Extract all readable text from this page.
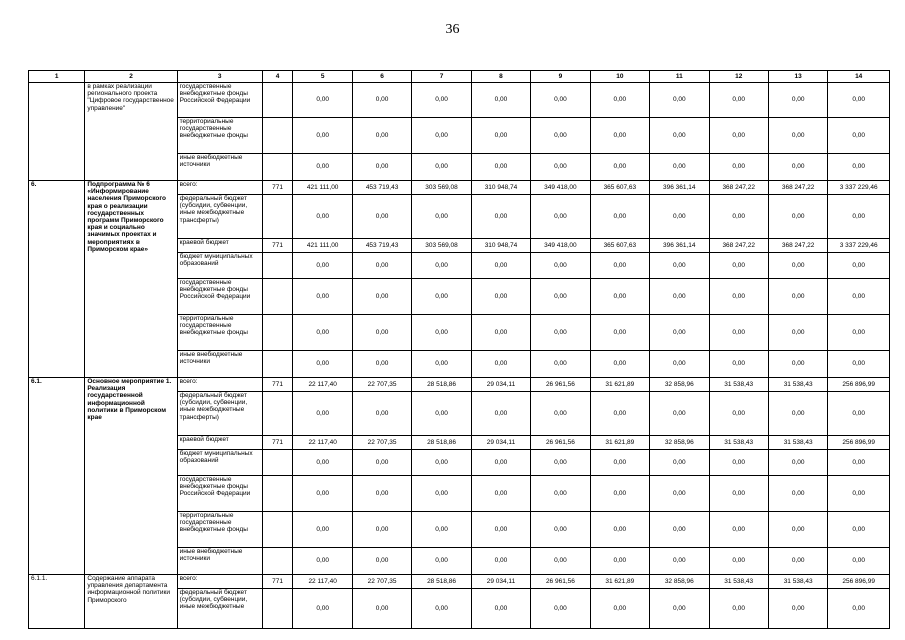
36
1	2	3	4	5	6	7	8	9	10	11	12	13	14
	в рамках реализации регионального проекта "Цифровое государственное управление"	государственные внебюджетные фонды Российской Федерации		0,00	0,00	0,00	0,00	0,00	0,00	0,00	0,00	0,00	0,00
		территориальные государственные внебюджетные фонды		0,00	0,00	0,00	0,00	0,00	0,00	0,00	0,00	0,00	0,00
		иные внебюджетные источники		0,00	0,00	0,00	0,00	0,00	0,00	0,00	0,00	0,00	0,00
6.	Подпрограмма № 6 «Информирование населения Приморского края о реализации государственных программ Приморского края и социально значимых проектах и мероприятиях в Приморском крае»	всего:	771	421 111,00	453 719,43	303 569,08	310 948,74	349 418,00	365 607,63	396 361,14	368 247,22	368 247,22	3 337 229,46
		федеральный бюджет (субсидии, субвенции, иные межбюджетные трансферты)		0,00	0,00	0,00	0,00	0,00	0,00	0,00	0,00	0,00	0,00
		краевой бюджет	771	421 111,00	453 719,43	303 569,08	310 948,74	349 418,00	365 607,63	396 361,14	368 247,22	368 247,22	3 337 229,46
		бюджет муниципальных образований		0,00	0,00	0,00	0,00	0,00	0,00	0,00	0,00	0,00	0,00
		государственные внебюджетные фонды Российской Федерации		0,00	0,00	0,00	0,00	0,00	0,00	0,00	0,00	0,00	0,00
		территориальные государственные внебюджетные фонды		0,00	0,00	0,00	0,00	0,00	0,00	0,00	0,00	0,00	0,00
		иные внебюджетные источники		0,00	0,00	0,00	0,00	0,00	0,00	0,00	0,00	0,00	0,00
6.1.	Основное мероприятие 1. Реализация государственной информационной политики в Приморском крае	всего:	771	22 117,40	22 707,35	28 518,86	29 034,11	26 961,56	31 621,89	32 858,96	31 538,43	31 538,43	256 896,99
		федеральный бюджет (субсидии, субвенции, иные межбюджетные трансферты)		0,00	0,00	0,00	0,00	0,00	0,00	0,00	0,00	0,00	0,00
		краевой бюджет	771	22 117,40	22 707,35	28 518,86	29 034,11	26 961,56	31 621,89	32 858,96	31 538,43	31 538,43	256 896,99
		бюджет муниципальных образований		0,00	0,00	0,00	0,00	0,00	0,00	0,00	0,00	0,00	0,00
		государственные внебюджетные фонды Российской Федерации		0,00	0,00	0,00	0,00	0,00	0,00	0,00	0,00	0,00	0,00
		территориальные государственные внебюджетные фонды		0,00	0,00	0,00	0,00	0,00	0,00	0,00	0,00	0,00	0,00
		иные внебюджетные источники		0,00	0,00	0,00	0,00	0,00	0,00	0,00	0,00	0,00	0,00
6.1.1.	Содержание аппарата управления департамента информационной политики Приморского	всего:	771	22 117,40	22 707,35	28 518,86	29 034,11	26 961,56	31 621,89	32 858,96	31 538,43	31 538,43	256 896,99
		федеральный бюджет (субсидии, субвенции, иные межбюджетные		0,00	0,00	0,00	0,00	0,00	0,00	0,00	0,00	0,00	0,00
